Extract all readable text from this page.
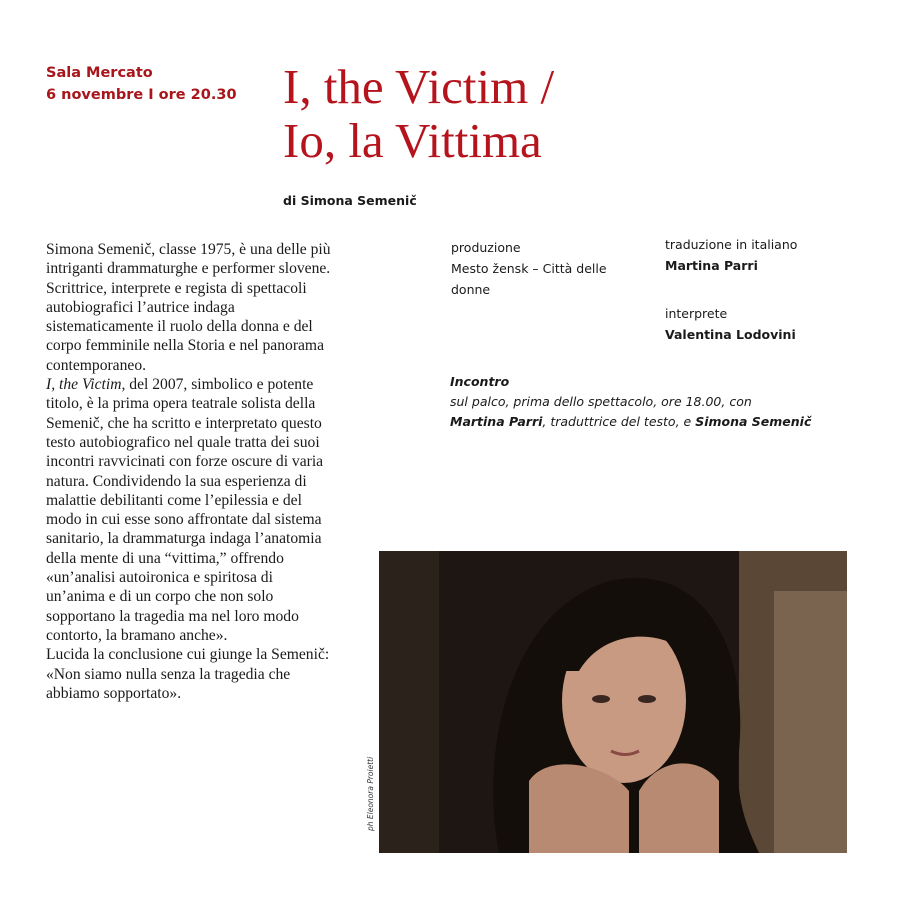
Sala Mercato
6 novembre I ore 20.30 I, the Victim /
Io, la Vittima
di Simona Semenič

Simona Semenič, classe 1975, è una delle più intriganti drammaturghe e performer slovene.

Scrittrice, interprete e regista di spettacoli autobiografici l’autrice indaga sistematicamente il ruolo della donna e del corpo femminile nella Storia e nel panorama contemporaneo.

I, the Victim, del 2007, simbolico e potente titolo, è la prima opera teatrale solista della Semenič, che ha scritto e interpretato questo testo autobiografico nel quale tratta dei suoi incontri ravvicinati con forze oscure di varia natura. Condividendo la sua esperienza di malattie debilitanti come l’epilessia e del modo in cui esse sono affrontate dal sistema sanitario, la drammaturga indaga l’anatomia della mente di una “vittima,” offrendo «un’analisi autoironica e spiritosa di un’anima e di un corpo che non solo sopportano la tragedia ma nel loro modo contorto, la bramano anche».

Lucida la conclusione cui giunge la Semenič: «Non siamo nulla senza la tragedia che abbiamo sopportato».

produzione
Mesto žensk – Città delle donne
traduzione in italiano
Martina Parri
interprete
Valentina Lodovini
Incontro
sul palco, prima dello spettacolo, ore 18.00, con
Martina Parri, traduttrice del testo, e Simona Semenič
ph Eleonora Proietti
